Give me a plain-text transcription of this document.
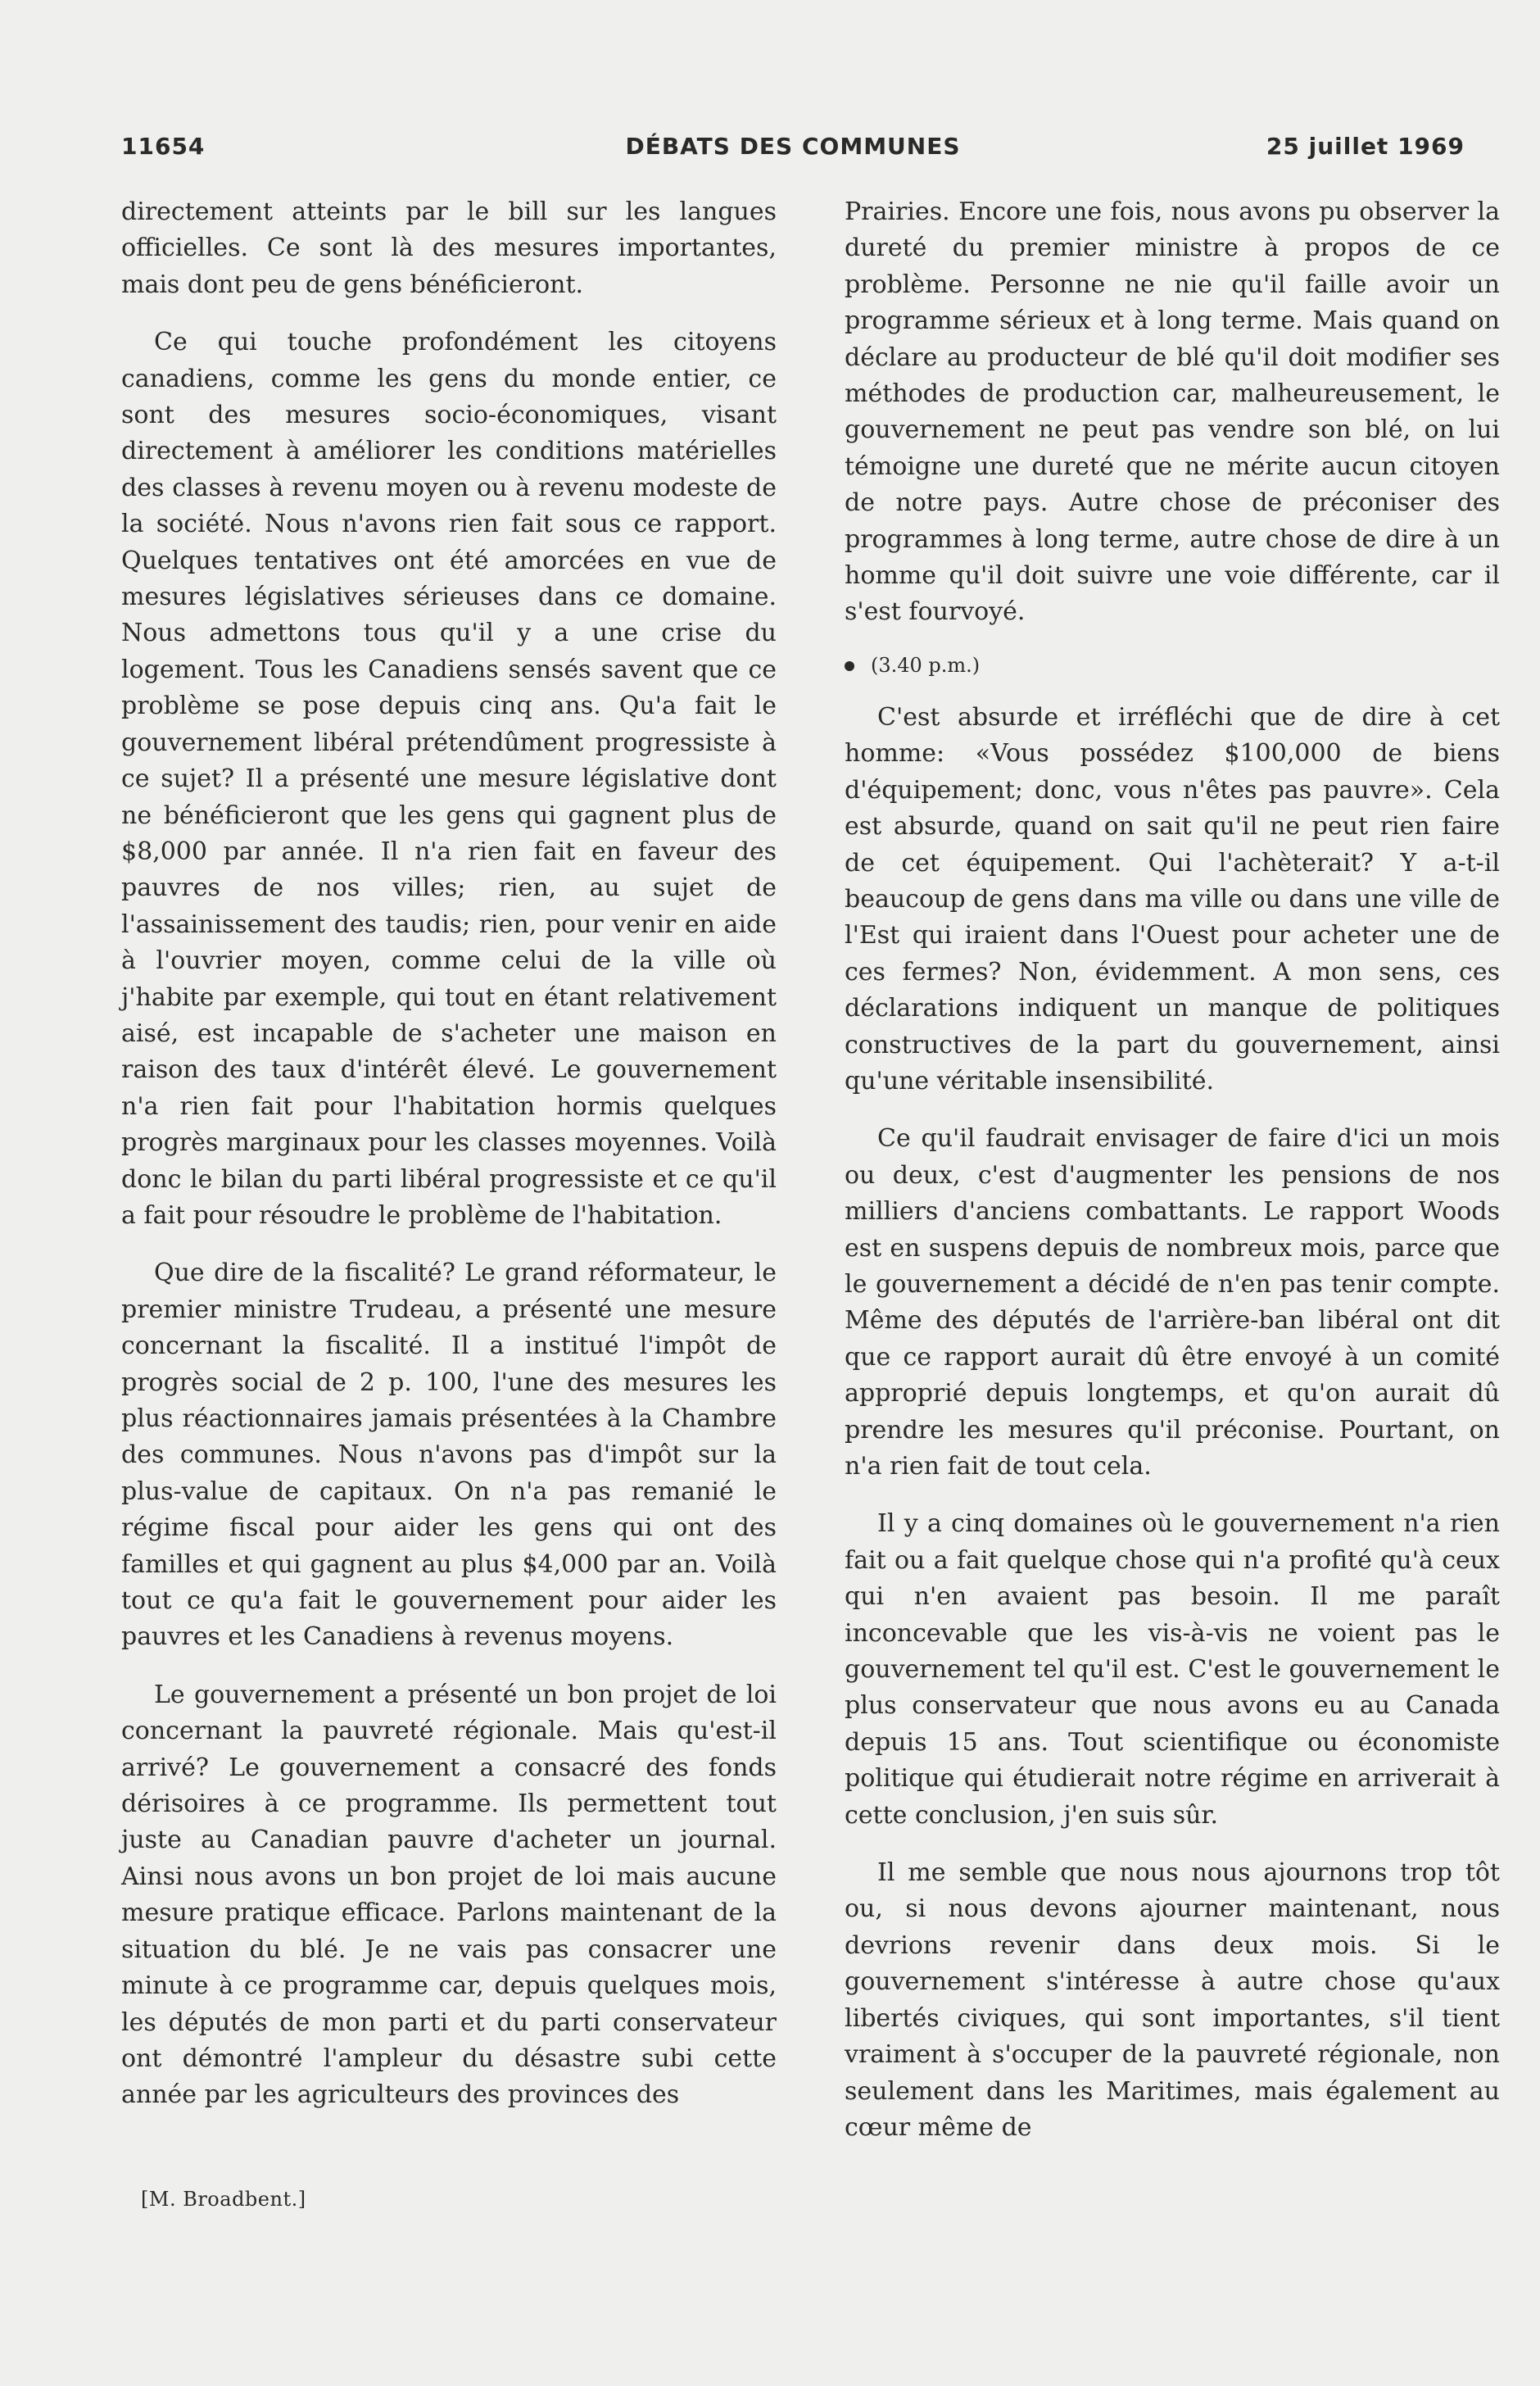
11654	DÉBATS DES COMMUNES	25 juillet 1969

directement atteints par le bill sur les langues officielles. Ce sont là des mesures importantes, mais dont peu de gens bénéficieront.

Ce qui touche profondément les citoyens canadiens, comme les gens du monde entier, ce sont des mesures socio-économiques, visant directement à améliorer les conditions matérielles des classes à revenu moyen ou à revenu modeste de la société. Nous n'avons rien fait sous ce rapport. Quelques tentatives ont été amorcées en vue de mesures législatives sérieuses dans ce domaine. Nous admettons tous qu'il y a une crise du logement. Tous les Canadiens sensés savent que ce problème se pose depuis cinq ans. Qu'a fait le gouvernement libéral prétendûment progressiste à ce sujet? Il a présenté une mesure législative dont ne bénéficieront que les gens qui gagnent plus de $8,000 par année. Il n'a rien fait en faveur des pauvres de nos villes; rien, au sujet de l'assainissement des taudis; rien, pour venir en aide à l'ouvrier moyen, comme celui de la ville où j'habite par exemple, qui tout en étant relativement aisé, est incapable de s'acheter une maison en raison des taux d'intérêt élevé. Le gouvernement n'a rien fait pour l'habitation hormis quelques progrès marginaux pour les classes moyennes. Voilà donc le bilan du parti libéral progressiste et ce qu'il a fait pour résoudre le problème de l'habitation.

Que dire de la fiscalité? Le grand réformateur, le premier ministre Trudeau, a présenté une mesure concernant la fiscalité. Il a institué l'impôt de progrès social de 2 p. 100, l'une des mesures les plus réactionnaires jamais présentées à la Chambre des communes. Nous n'avons pas d'impôt sur la plus-value de capitaux. On n'a pas remanié le régime fiscal pour aider les gens qui ont des familles et qui gagnent au plus $4,000 par an. Voilà tout ce qu'a fait le gouvernement pour aider les pauvres et les Canadiens à revenus moyens.

Le gouvernement a présenté un bon projet de loi concernant la pauvreté régionale. Mais qu'est-il arrivé? Le gouvernement a consacré des fonds dérisoires à ce programme. Ils permettent tout juste au Canadian pauvre d'acheter un journal. Ainsi nous avons un bon projet de loi mais aucune mesure pratique efficace. Parlons maintenant de la situation du blé. Je ne vais pas consacrer une minute à ce programme car, depuis quelques mois, les députés de mon parti et du parti conservateur ont démontré l'ampleur du désastre subi cette année par les agriculteurs des provinces des

Prairies. Encore une fois, nous avons pu observer la dureté du premier ministre à propos de ce problème. Personne ne nie qu'il faille avoir un programme sérieux et à long terme. Mais quand on déclare au producteur de blé qu'il doit modifier ses méthodes de production car, malheureusement, le gouvernement ne peut pas vendre son blé, on lui témoigne une dureté que ne mérite aucun citoyen de notre pays. Autre chose de préconiser des programmes à long terme, autre chose de dire à un homme qu'il doit suivre une voie différente, car il s'est fourvoyé.

(3.40 p.m.)

C'est absurde et irréfléchi que de dire à cet homme: «Vous possédez $100,000 de biens d'équipement; donc, vous n'êtes pas pauvre». Cela est absurde, quand on sait qu'il ne peut rien faire de cet équipement. Qui l'achèterait? Y a-t-il beaucoup de gens dans ma ville ou dans une ville de l'Est qui iraient dans l'Ouest pour acheter une de ces fermes? Non, évidemment. A mon sens, ces déclarations indiquent un manque de politiques constructives de la part du gouvernement, ainsi qu'une véritable insensibilité.

Ce qu'il faudrait envisager de faire d'ici un mois ou deux, c'est d'augmenter les pensions de nos milliers d'anciens combattants. Le rapport Woods est en suspens depuis de nombreux mois, parce que le gouvernement a décidé de n'en pas tenir compte. Même des députés de l'arrière-ban libéral ont dit que ce rapport aurait dû être envoyé à un comité approprié depuis longtemps, et qu'on aurait dû prendre les mesures qu'il préconise. Pourtant, on n'a rien fait de tout cela.

Il y a cinq domaines où le gouvernement n'a rien fait ou a fait quelque chose qui n'a profité qu'à ceux qui n'en avaient pas besoin. Il me paraît inconcevable que les vis-à-vis ne voient pas le gouvernement tel qu'il est. C'est le gouvernement le plus conservateur que nous avons eu au Canada depuis 15 ans. Tout scientifique ou économiste politique qui étudierait notre régime en arriverait à cette conclusion, j'en suis sûr.

Il me semble que nous nous ajournons trop tôt ou, si nous devons ajourner maintenant, nous devrions revenir dans deux mois. Si le gouvernement s'intéresse à autre chose qu'aux libertés civiques, qui sont importantes, s'il tient vraiment à s'occuper de la pauvreté régionale, non seulement dans les Maritimes, mais également au cœur même de

[M. Broadbent.]
